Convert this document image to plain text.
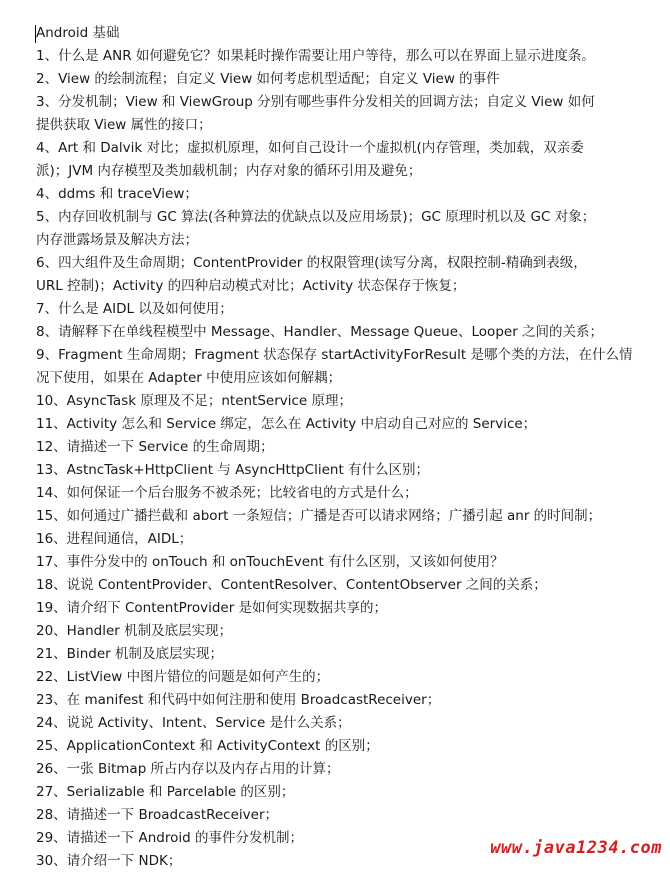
Android 基础
1、什么是 ANR 如何避免它？如果耗时操作需要让用户等待，那么可以在界面上显示进度条。
2、View 的绘制流程；自定义 View 如何考虑机型适配；自定义 View 的事件
3、分发机制；View 和 ViewGroup 分别有哪些事件分发相关的回调方法；自定义 View 如何
提供获取 View 属性的接口；
4、Art 和 Dalvik 对比；虚拟机原理，如何自己设计一个虚拟机(内存管理，类加载，双亲委
派)；JVM 内存模型及类加载机制；内存对象的循环引用及避免；
4、ddms 和 traceView；
5、内存回收机制与 GC 算法(各种算法的优缺点以及应用场景)；GC 原理时机以及 GC 对象；
内存泄露场景及解决方法；
6、四大组件及生命周期；ContentProvider 的权限管理(读写分离，权限控制-精确到表级，
URL 控制)；Activity 的四种启动模式对比；Activity 状态保存于恢复；
7、什么是 AIDL 以及如何使用；
8、请解释下在单线程模型中 Message、Handler、Message Queue、Looper 之间的关系；
9、Fragment 生命周期；Fragment 状态保存 startActivityForResult 是哪个类的方法，在什么情
况下使用，如果在 Adapter 中使用应该如何解耦；
10、AsyncTask 原理及不足；ntentService 原理；
11、Activity 怎么和 Service 绑定，怎么在 Activity 中启动自己对应的 Service；
12、请描述一下 Service 的生命周期；
13、AstncTask+HttpClient 与 AsyncHttpClient 有什么区别；
14、如何保证一个后台服务不被杀死；比较省电的方式是什么；
15、如何通过广播拦截和 abort 一条短信；广播是否可以请求网络；广播引起 anr 的时间制；
16、进程间通信，AIDL；
17、事件分发中的 onTouch 和 onTouchEvent 有什么区别，又该如何使用？
18、说说 ContentProvider、ContentResolver、ContentObserver 之间的关系；
19、请介绍下 ContentProvider 是如何实现数据共享的；
20、Handler 机制及底层实现；
21、Binder 机制及底层实现；
22、ListView 中图片错位的问题是如何产生的；
23、在 manifest 和代码中如何注册和使用 BroadcastReceiver；
24、说说 Activity、Intent、Service 是什么关系；
25、ApplicationContext 和 ActivityContext 的区别；
26、一张 Bitmap 所占内存以及内存占用的计算；
27、Serializable 和 Parcelable 的区别；
28、请描述一下 BroadcastReceiver；
29、请描述一下 Android 的事件分发机制；
30、请介绍一下 NDK；
www.java1234.com
